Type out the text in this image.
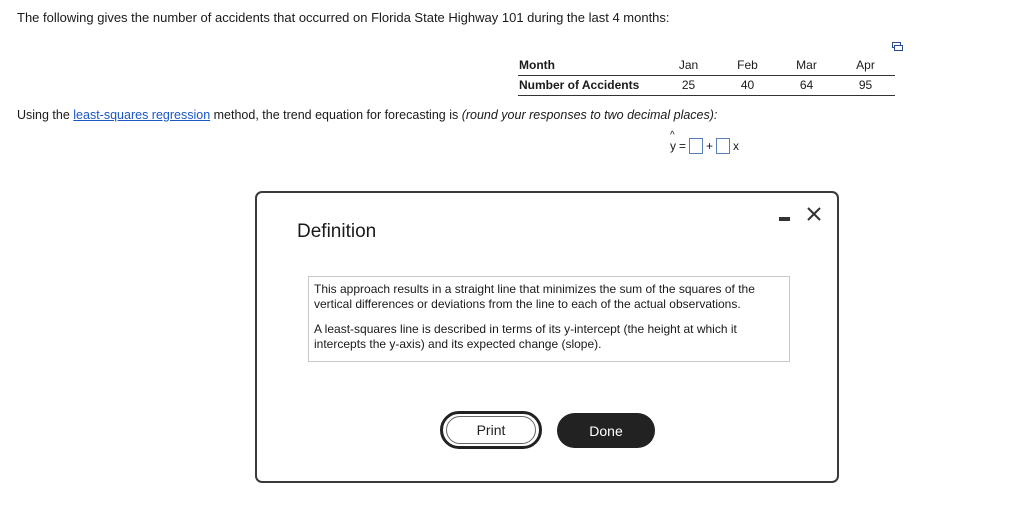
The following gives the number of accidents that occurred on Florida State Highway 101 during the last 4 months:
Month	Jan	Feb	Mar	Apr
Number of Accidents	25	40	64	95
Using the least-squares regression method, the trend equation for forecasting is (round your responses to two decimal places):
^
y = + x
Definition

This approach results in a straight line that minimizes the sum of the squares of the vertical differences or deviations from the line to each of the actual observations.

A least-squares line is described in terms of its y-intercept (the height at which it intercepts the y-axis) and its expected change (slope).

Print	Done
